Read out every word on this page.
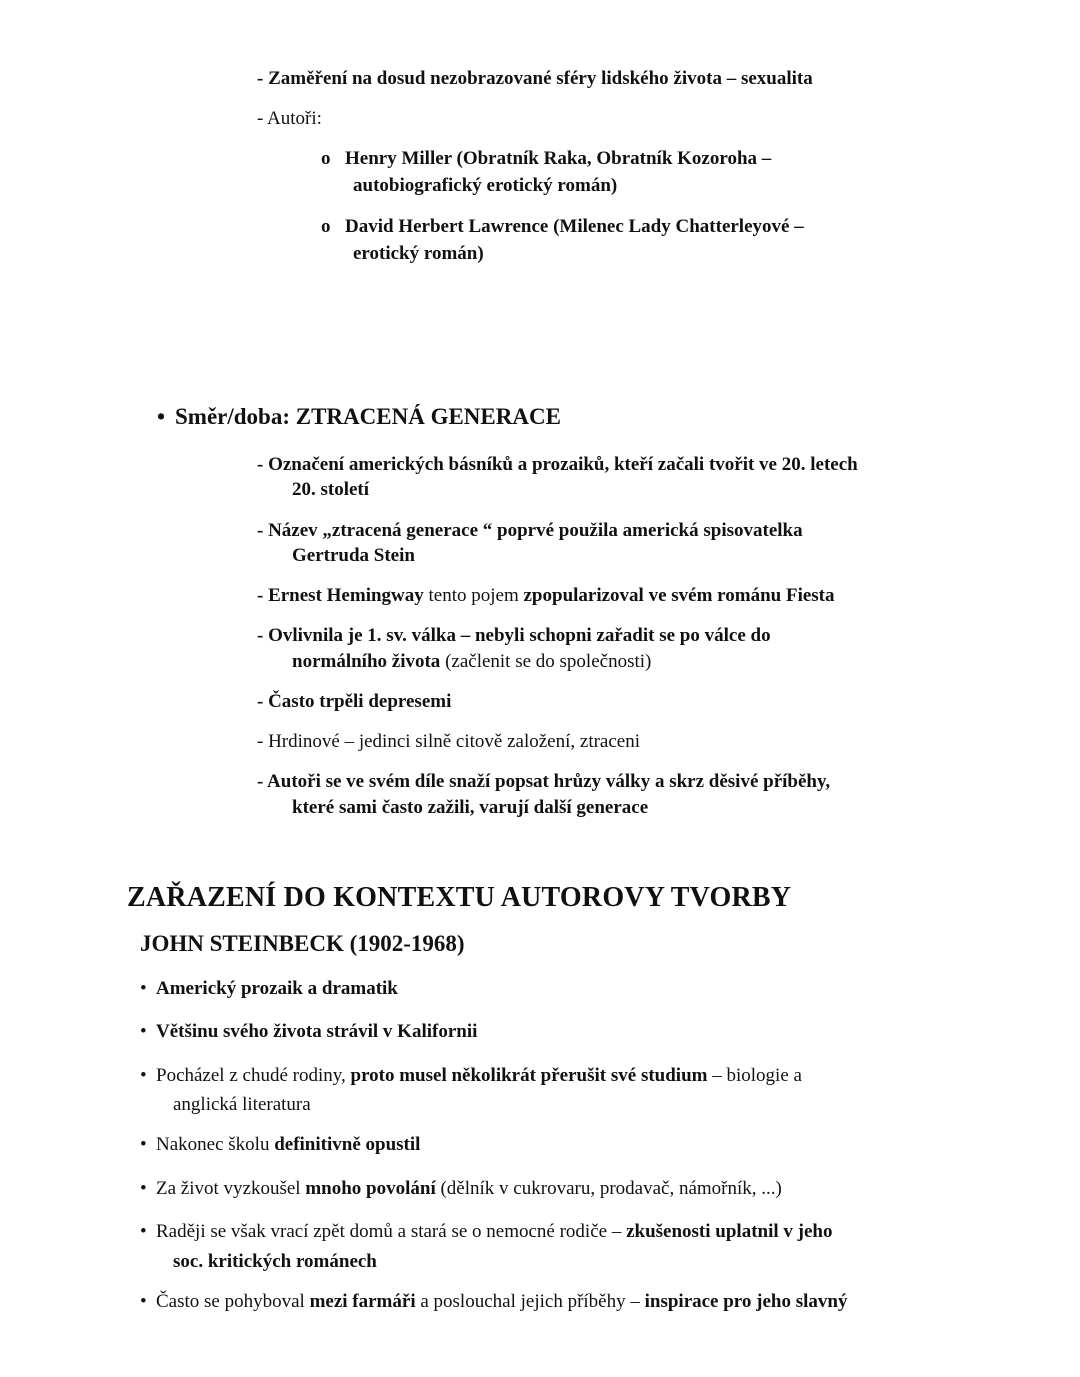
- Zaměření na dosud nezobrazované sféry lidského života – sexualita
- Autoři:
o Henry Miller (Obratník Raka, Obratník Kozoroha –
autobiografický erotický román)
o David Herbert Lawrence (Milenec Lady Chatterleyové –
erotický román)
• Směr/doba: ZTRACENÁ GENERACE
- Označení amerických básníků a prozaiků, kteří začali tvořit ve 20. letech
20. století
- Název „ztracená generace “ poprvé použila americká spisovatelka
Gertruda Stein
- Ernest Hemingway tento pojem zpopularizoval ve svém románu Fiesta
- Ovlivnila je 1. sv. válka – nebyli schopni zařadit se po válce do
normálního života (začlenit se do společnosti)
- Často trpěli depresemi
- Hrdinové – jedinci silně citově založení, ztraceni
- Autoři se ve svém díle snaží popsat hrůzy války a skrz děsivé příběhy,
které sami často zažili, varují další generace
ZAŘAZENÍ DO KONTEXTU AUTOROVY TVORBY
JOHN STEINBECK (1902-1968)
• Americký prozaik a dramatik
• Většinu svého života strávil v Kalifornii
• Pocházel z chudé rodiny, proto musel několikrát přerušit své studium – biologie a
anglická literatura
• Nakonec školu definitivně opustil
• Za život vyzkoušel mnoho povolání (dělník v cukrovaru, prodavač, námořník, ...)
• Raději se však vrací zpět domů a stará se o nemocné rodiče – zkušenosti uplatnil v jeho
soc. kritických románech
• Často se pohyboval mezi farmáři a poslouchal jejich příběhy – inspirace pro jeho slavný
